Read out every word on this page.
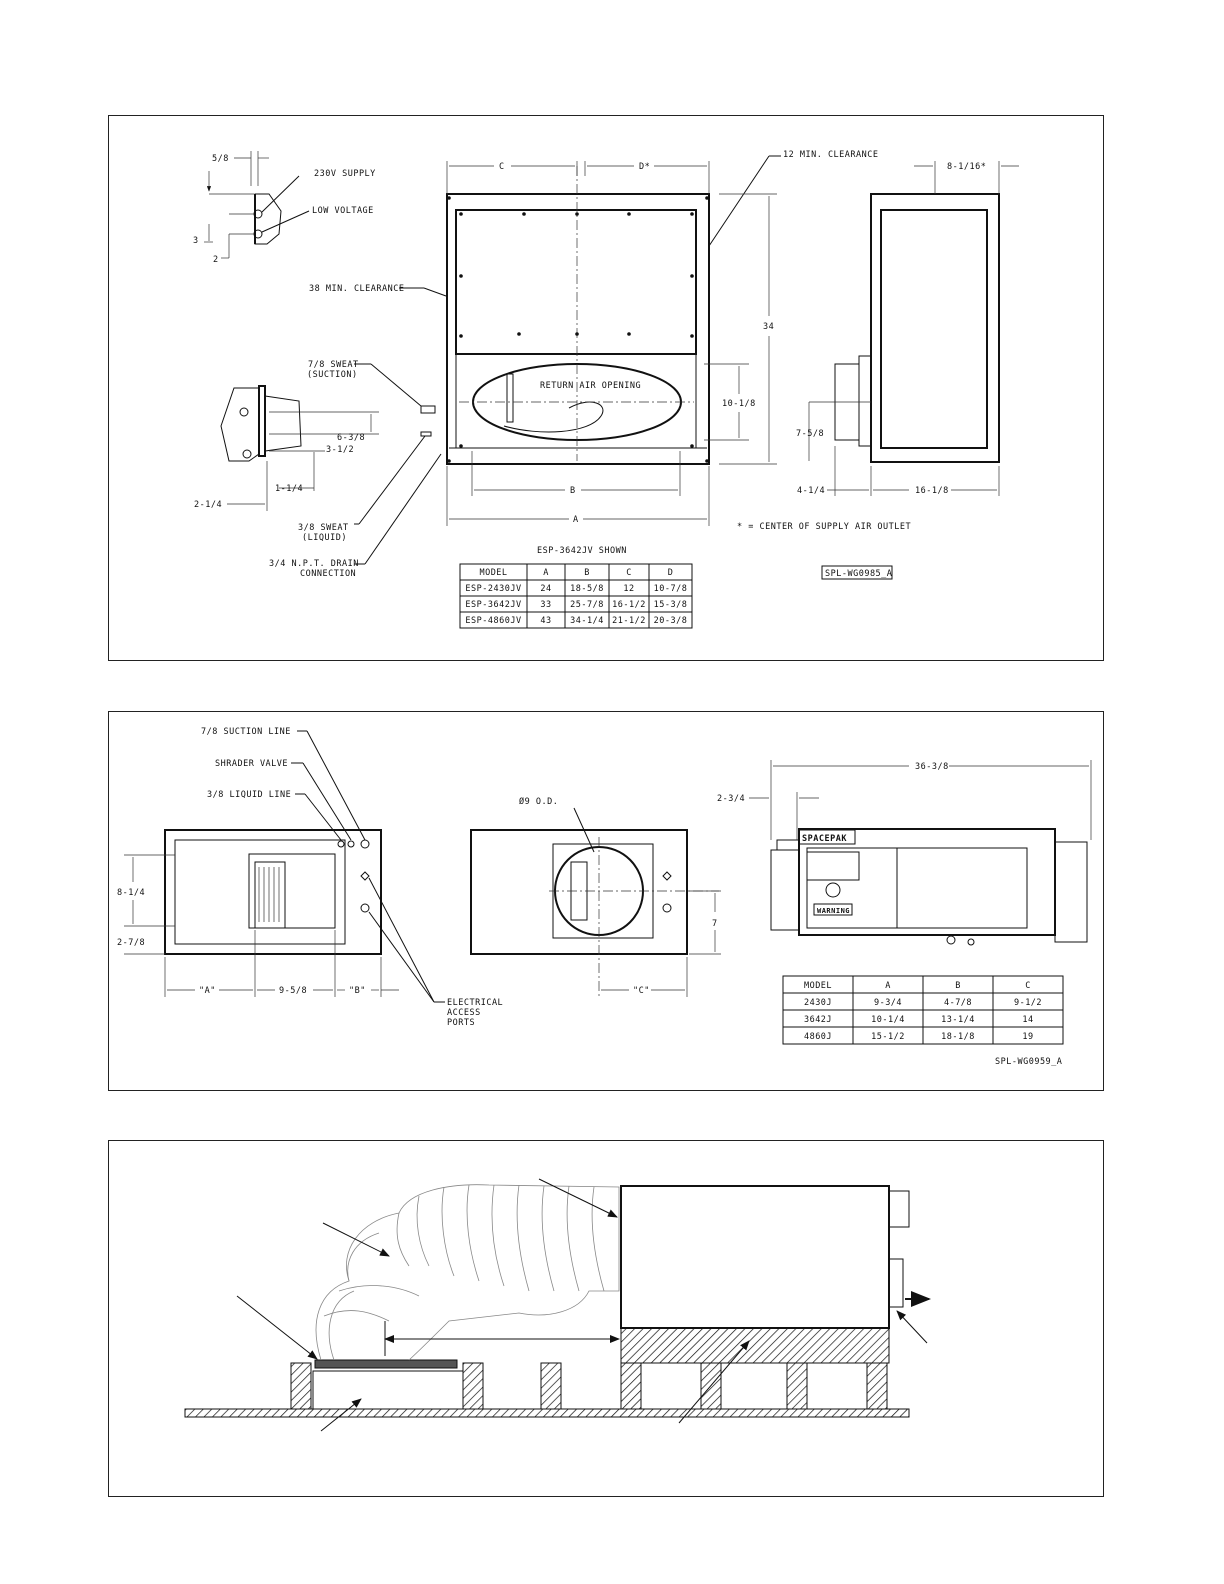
5/8
230V SUPPLY
LOW VOLTAGE
3
2
RETURN AIR OPENING
C	D*
12 MIN. CLEARANCE
38 MIN. CLEARANCE
34
10-1/8
B
A
7/8 SWEAT
(SUCTION)
3/8 SWEAT
(LIQUID)
3/4 N.P.T. DRAIN
CONNECTION
6-3/8
3-1/2
1-1/4
2-1/4
8-1/16*
7-5/8
4-1/4	16-1/8
* = CENTER OF SUPPLY AIR OUTLET
ESP-3642JV SHOWN
MODEL	A	B	C	D
ESP-2430JV 24 18-5/8 12 10-7/8
ESP-3642JV 33 25-7/8 16-1/2 15-3/8
ESP-4860JV 43 34-1/4 21-1/2 20-3/8
SPL-WG0985_A
7/8 SUCTION LINE
SHRADER VALVE
3/8 LIQUID LINE
8-1/4
2-7/8
"A"	9-5/8	"B"
Ø9 O.D.
7
"C"
ELECTRICAL
ACCESS
PORTS
SPACEPAK
WARNING
36-3/8
2-3/4
MODEL	A	B	C
2430J	9-3/4	4-7/8	9-1/2
3642J	10-1/4	13-1/4	14
4860J	15-1/2	18-1/8	19
SPL-WG0959_A
